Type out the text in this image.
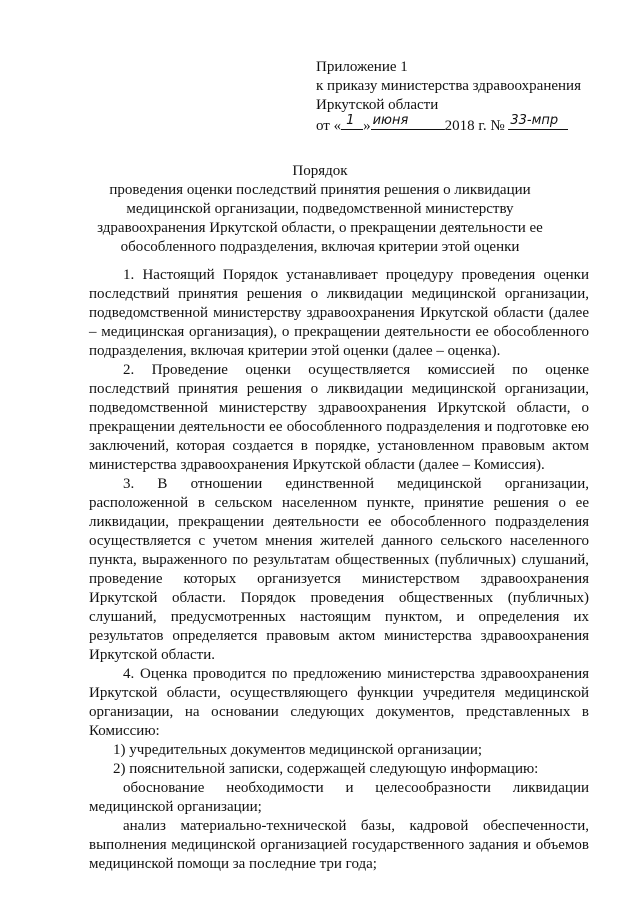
Приложение 1
к приказу министерства здравоохранения
Иркутской области
от « 1 » июня 2018 г. № 33-мпр
Порядок
проведения оценки последствий принятия решения о ликвидации медицинской организации, подведомственной министерству здравоохранения Иркутской области, о прекращении деятельности ее обособленного подразделения, включая критерии этой оценки

1. Настоящий Порядок устанавливает процедуру проведения оценки последствий принятия решения о ликвидации медицинской организации, подведомственной министерству здравоохранения Иркутской области (далее – медицинская организация), о прекращении деятельности ее обособленного подразделения, включая критерии этой оценки (далее – оценка).

2. Проведение оценки осуществляется комиссией по оценке последствий принятия решения о ликвидации медицинской организации, подведомственной министерству здравоохранения Иркутской области, о прекращении деятельности ее обособленного подразделения и подготовке ею заключений, которая создается в порядке, установленном правовым актом министерства здравоохранения Иркутской области (далее – Комиссия).

3. В отношении единственной медицинской организации, расположенной в сельском населенном пункте, принятие решения о ее ликвидации, прекращении деятельности ее обособленного подразделения осуществляется с учетом мнения жителей данного сельского населенного пункта, выраженного по результатам общественных (публичных) слушаний, проведение которых организуется министерством здравоохранения Иркутской области. Порядок проведения общественных (публичных) слушаний, предусмотренных настоящим пунктом, и определения их результатов определяется правовым актом министерства здравоохранения Иркутской области.

4. Оценка проводится по предложению министерства здравоохранения Иркутской области, осуществляющего функции учредителя медицинской организации, на основании следующих документов, представленных в Комиссию:

1) учредительных документов медицинской организации;

2) пояснительной записки, содержащей следующую информацию:

обоснование необходимости и целесообразности ликвидации медицинской организации;

анализ материально-технической базы, кадровой обеспеченности, выполнения медицинской организацией государственного задания и объемов медицинской помощи за последние три года;
